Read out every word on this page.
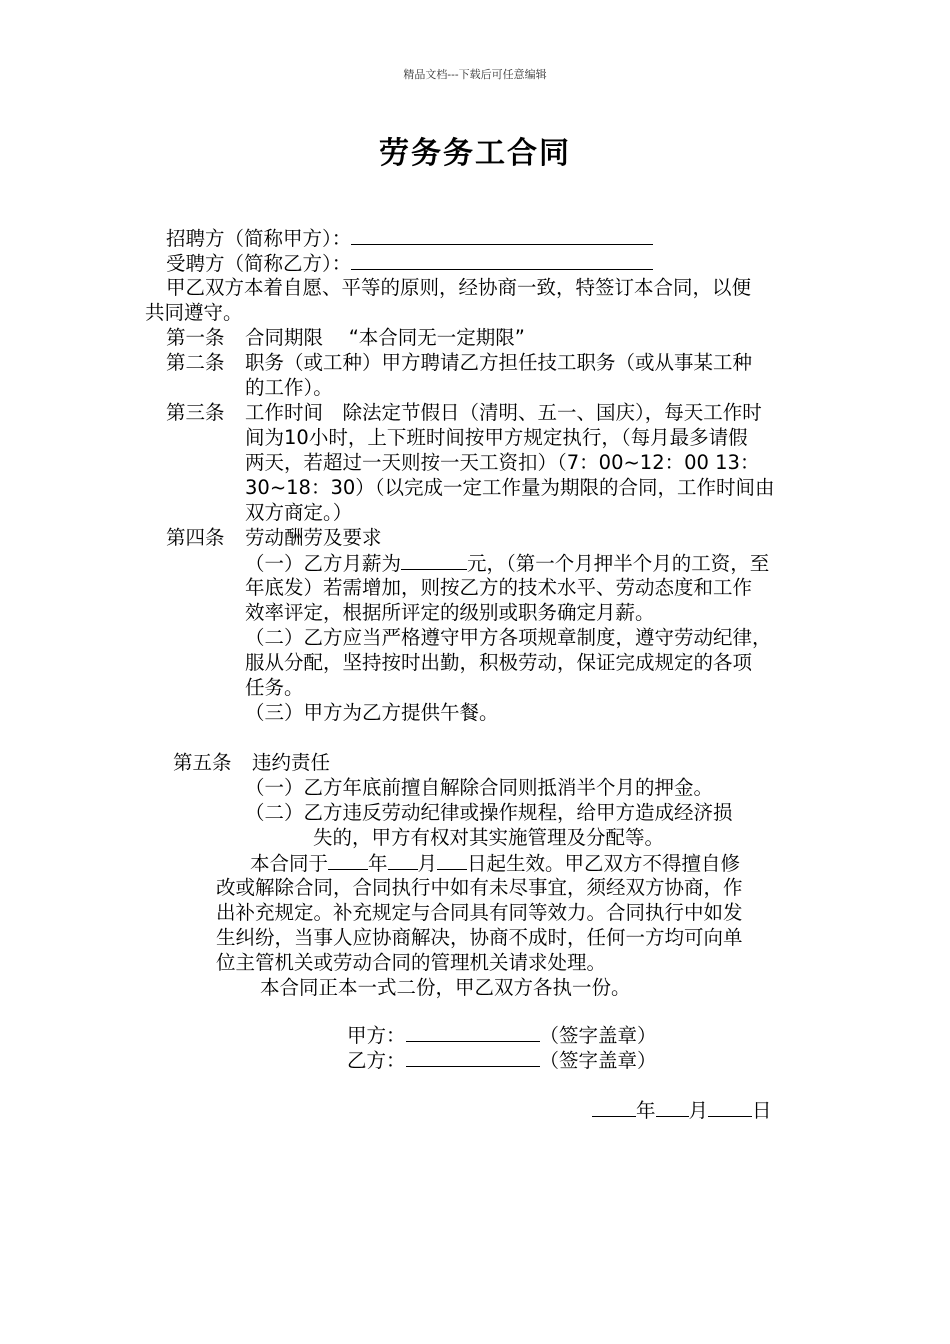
精品文档---下载后可任意编辑
劳务务工合同
招聘方（简称甲方）：
受聘方（简称乙方）：
甲乙双方本着自愿、平等的原则，经协商一致，特签订本合同，以便
共同遵守。
第一条 合同期限　 “本合同无一定期限”
第二条 职务（或工种）甲方聘请乙方担任技工职务（或从事某工种
的工作）。
第三条 工作时间　除法定节假日（清明、五一、国庆），每天工作时
间为10小时，上下班时间按甲方规定执行，（每月最多请假
两天，若超过一天则按一天工资扣）（7：00~12：00 13：
30~18：30）（以完成一定工作量为期限的合同，工作时间由
双方商定。）
第四条 劳动酬劳及要求
（一）乙方月薪为	元，（第一个月押半个月的工资，至
年底发）若需增加，则按乙方的技术水平、劳动态度和工作
效率评定，根据所评定的级别或职务确定月薪。
（二）乙方应当严格遵守甲方各项规章制度，遵守劳动纪律，
服从分配，坚持按时出勤，积极劳动，保证完成规定的各项
任务。
（三）甲方为乙方提供午餐。
第五条 违约责任
（一）乙方年底前擅自解除合同则抵消半个月的押金。
（二）乙方违反劳动纪律或操作规程，给甲方造成经济损
失的，甲方有权对其实施管理及分配等。
本合同于 年 月 日起生效。甲乙双方不得擅自修
改或解除合同，合同执行中如有未尽事宜，须经双方协商，作
出补充规定。补充规定与合同具有同等效力。合同执行中如发
生纠纷，当事人应协商解决，协商不成时，任何一方均可向单
位主管机关或劳动合同的管理机关请求处理。
本合同正本一式二份，甲乙双方各执一份。
甲方：	（签字盖章）
乙方：	（签字盖章）
年 月 日
